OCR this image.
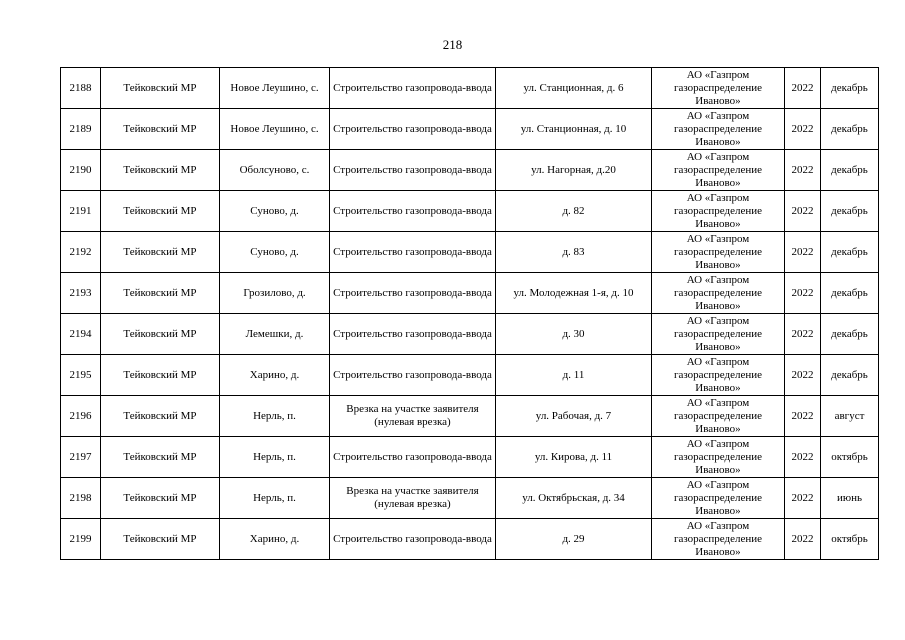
218
2188	Тейковский МР	Новое Леушино, с.	Строительство газопровода-ввода	ул. Станционная, д. 6	АО «Газпром
газораспределение
Иваново»	2022	декабрь
2189	Тейковский МР	Новое Леушино, с.	Строительство газопровода-ввода	ул. Станционная, д. 10	АО «Газпром
газораспределение
Иваново»	2022	декабрь
2190	Тейковский МР	Оболсуново, с.	Строительство газопровода-ввода	ул. Нагорная, д.20	АО «Газпром
газораспределение
Иваново»	2022	декабрь
2191	Тейковский МР	Суново, д.	Строительство газопровода-ввода	д. 82	АО «Газпром
газораспределение
Иваново»	2022	декабрь
2192	Тейковский МР	Суново, д.	Строительство газопровода-ввода	д. 83	АО «Газпром
газораспределение
Иваново»	2022	декабрь
2193	Тейковский МР	Грозилово, д.	Строительство газопровода-ввода	ул. Молодежная 1-я, д. 10	АО «Газпром
газораспределение
Иваново»	2022	декабрь
2194	Тейковский МР	Лемешки, д.	Строительство газопровода-ввода	д. 30	АО «Газпром
газораспределение
Иваново»	2022	декабрь
2195	Тейковский МР	Харино, д.	Строительство газопровода-ввода	д. 11	АО «Газпром
газораспределение
Иваново»	2022	декабрь
2196	Тейковский МР	Нерль, п.	Врезка на участке заявителя (нулевая врезка)	ул. Рабочая, д. 7	АО «Газпром
газораспределение
Иваново»	2022	август
2197	Тейковский МР	Нерль, п.	Строительство газопровода-ввода	ул. Кирова, д. 11	АО «Газпром
газораспределение
Иваново»	2022	октябрь
2198	Тейковский МР	Нерль, п.	Врезка на участке заявителя (нулевая врезка)	ул. Октябрьская, д. 34	АО «Газпром
газораспределение
Иваново»	2022	июнь
2199	Тейковский МР	Харино, д.	Строительство газопровода-ввода	д. 29	АО «Газпром
газораспределение
Иваново»	2022	октябрь
